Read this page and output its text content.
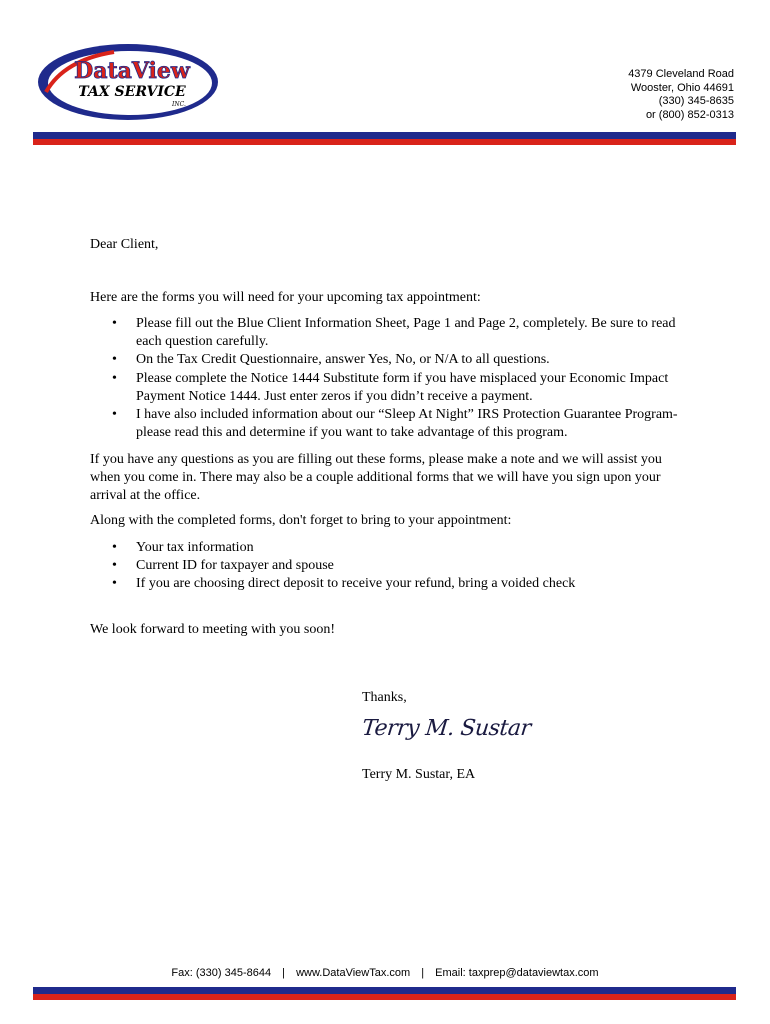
DataView
TAX SERVICE
INC.
4379 Cleveland Road
Wooster, Ohio 44691
(330) 345-8635
or (800) 852-0313
Dear Client,
Here are the forms you will need for your upcoming tax appointment:
• Please fill out the Blue Client Information Sheet, Page 1 and Page 2, completely. Be sure to read each question carefully.
• On the Tax Credit Questionnaire, answer Yes, No, or N/A to all questions.
• Please complete the Notice 1444 Substitute form if you have misplaced your Economic Impact Payment Notice 1444. Just enter zeros if you didn’t receive a payment.
• I have also included information about our “Sleep At Night” IRS Protection Guarantee Program-please read this and determine if you want to take advantage of this program.
If you have any questions as you are filling out these forms, please make a note and we will assist you when you come in. There may also be a couple additional forms that we will have you sign upon your arrival at the office.
Along with the completed forms, don't forget to bring to your appointment:
• Your tax information
• Current ID for taxpayer and spouse
• If you are choosing direct deposit to receive your refund, bring a voided check
We look forward to meeting with you soon!
Thanks,
Terry M. Sustar
Terry M. Sustar, EA
Fax: (330) 345-8644 | www.DataViewTax.com | Email: taxprep@dataviewtax.com
